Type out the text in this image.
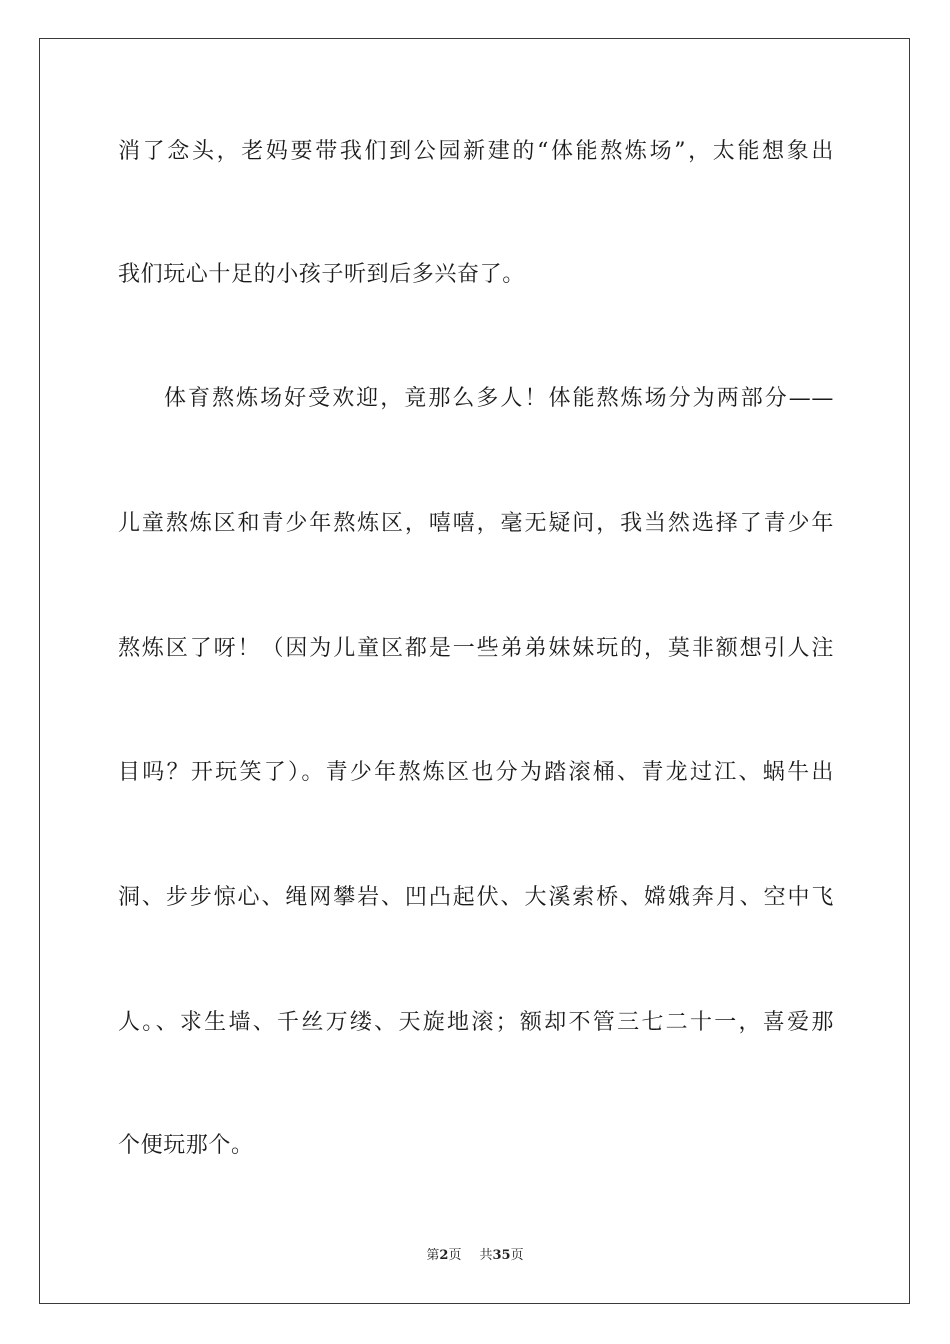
消了念头，老妈要带我们到公园新建的“体能熬炼场”，太能想象出
我们玩心十足的小孩子听到后多兴奋了。
体育熬炼场好受欢迎，竟那么多人！体能熬炼场分为两部分——
儿童熬炼区和青少年熬炼区，嘻嘻，毫无疑问，我当然选择了青少年
熬炼区了呀！（因为儿童区都是一些弟弟妹妹玩的，莫非额想引人注
目吗？开玩笑了）。青少年熬炼区也分为踏滚桶、青龙过江、蜗牛出
洞、步步惊心、绳网攀岩、凹凸起伏、大溪索桥、嫦娥奔月、空中飞
人。、求生墙、千丝万缕、天旋地滚；额却不管三七二十一，喜爱那
个便玩那个。
第2页 共35页
